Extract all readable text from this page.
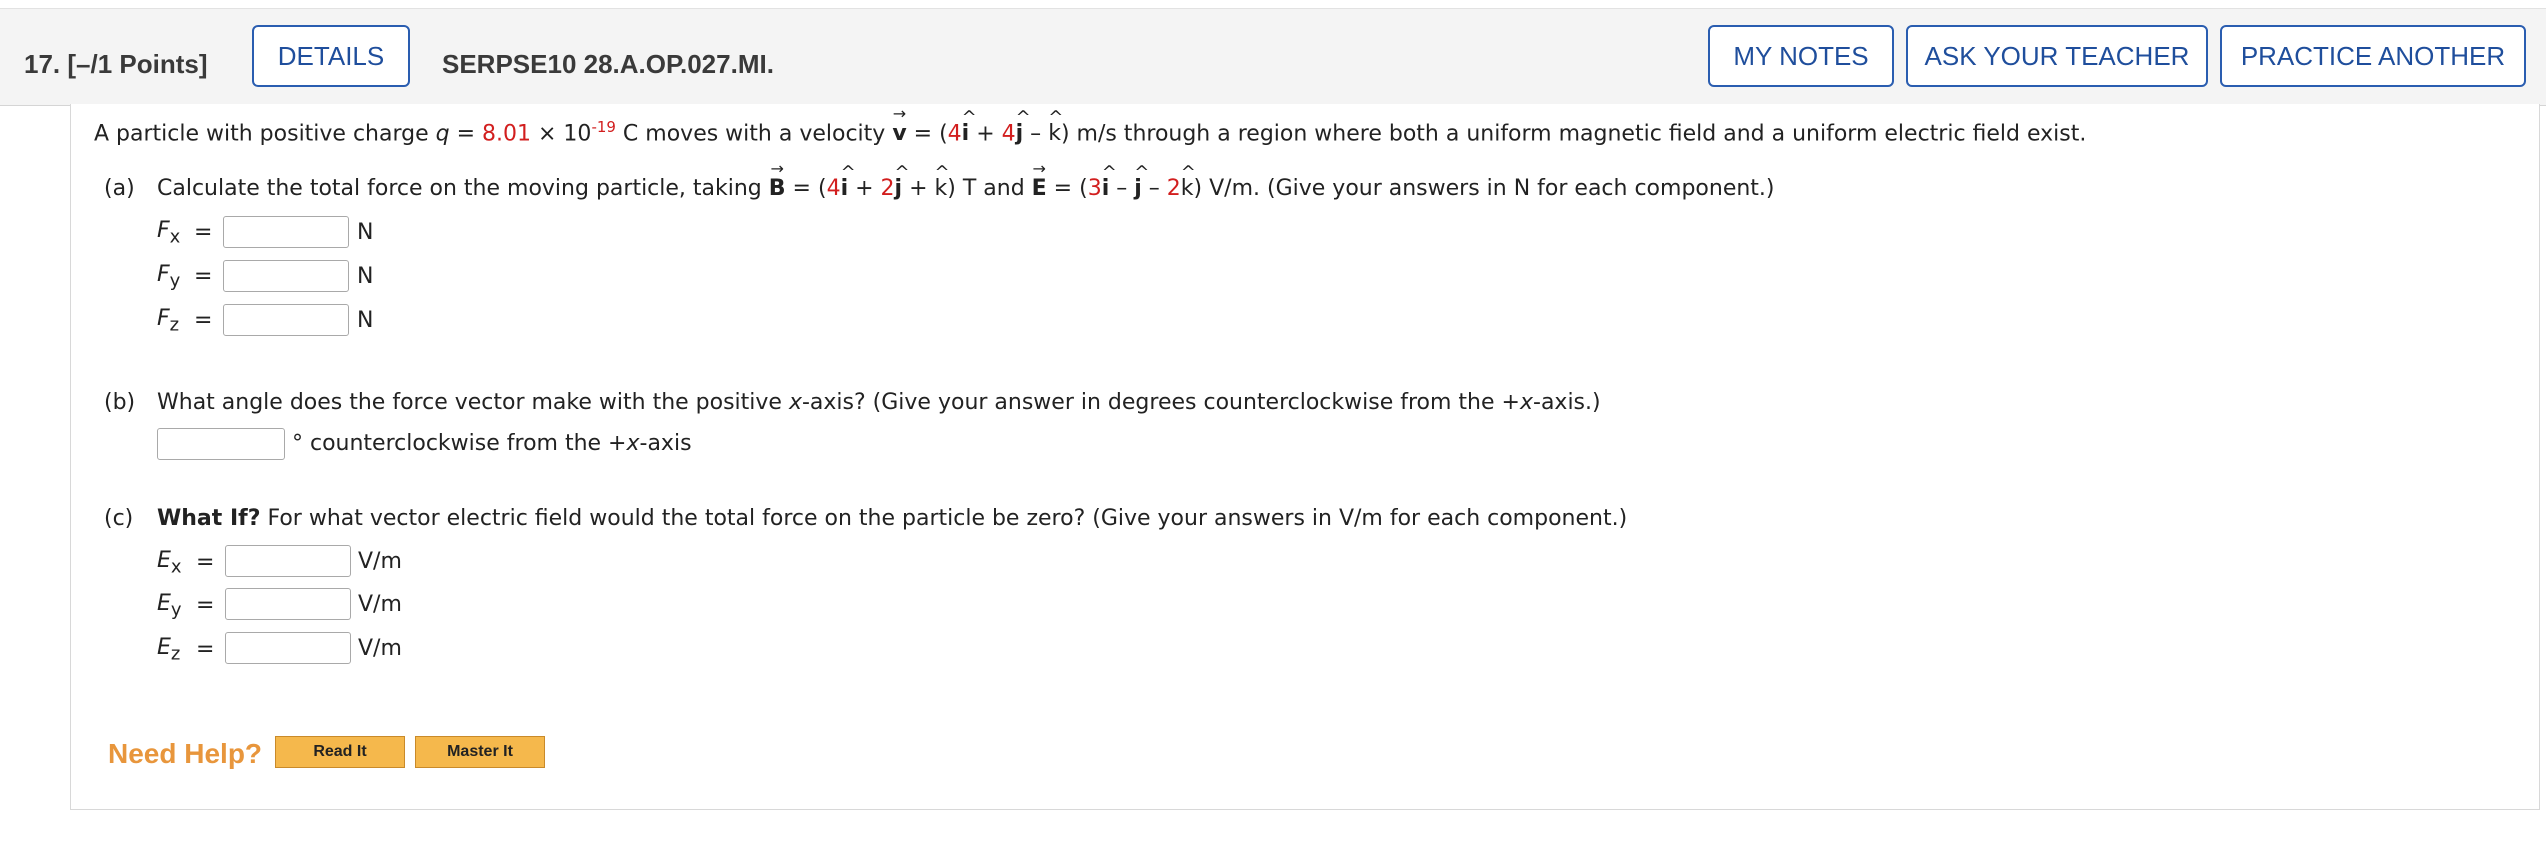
17. [–/1 Points]	DETAILS	SERPSE10 28.A.OP.027.MI.	MY NOTES	ASK YOUR TEACHER	PRACTICE ANOTHER
A particle with positive charge $q = 8.01 \times 10^{-19}$ C moves with a velocity → v = (4^ i + 4^ j – ^ k) m/s through a region where both a uniform magnetic field and a uniform electric field exist.
(a) Calculate the total force on the moving particle, taking → B = (4^ i + 2^ j + ^ k) T and → E = (3^ i – ^ j – 2^ k) V/m. (Give your answers in N for each component.)
$F_x$ =	N
$F_y$ =	N
$F_z$ =	N
(b) What angle does the force vector make with the positive x-axis? (Give your answer in degrees counterclockwise from the +x-axis.)
° counterclockwise from the +x-axis
(c) What If? For what vector electric field would the total force on the particle be zero? (Give your answers in V/m for each component.)
$E_x$ =	V/m
$E_y$ =	V/m
$E_z$ =	V/m
Need Help?	Read It	Master It
